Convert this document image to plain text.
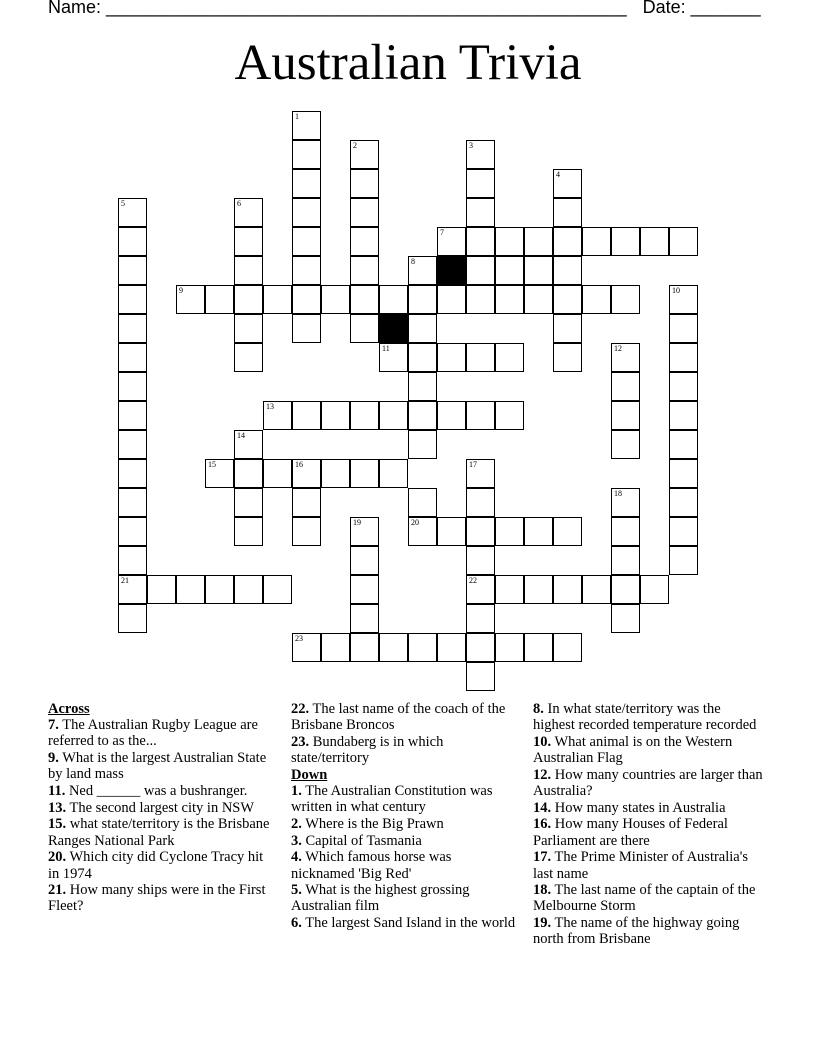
Name: ____________________________________________________ Date: _______
Australian Trivia
1
2	3
4
5
21
6
7
8
9	10
11	12
13
14
15	16	17
18
19	20
22
23
Across
7. The Australian Rugby League are referred to as the...
9. What is the largest Australian State by land mass
11. Ned ______ was a bushranger.
13. The second largest city in NSW
15. what state/territory is the Brisbane Ranges National Park
20. Which city did Cyclone Tracy hit in 1974
21. How many ships were in the First Fleet?
22. The last name of the coach of the Brisbane Broncos
23. Bundaberg is in which state/territory
Down
1. The Australian Constitution was written in what century
2. Where is the Big Prawn
3. Capital of Tasmania
4. Which famous horse was nicknamed 'Big Red'
5. What is the highest grossing Australian film
6. The largest Sand Island in the world
8. In what state/territory was the highest recorded temperature recorded
10. What animal is on the Western Australian Flag
12. How many countries are larger than Australia?
14. How many states in Australia
16. How many Houses of Federal Parliament are there
17. The Prime Minister of Australia's last name
18. The last name of the captain of the Melbourne Storm
19. The name of the highway going north from Brisbane
